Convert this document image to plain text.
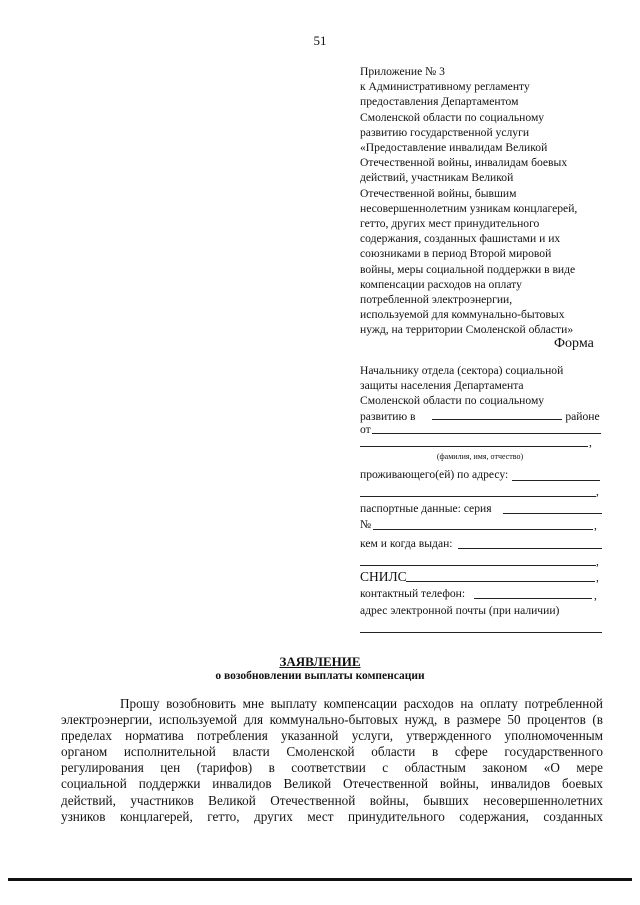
51
Приложение № 3
к Административному регламенту
предоставления Департаментом
Смоленской области по социальному
развитию государственной услуги
«Предоставление инвалидам Великой
Отечественной войны, инвалидам боевых
действий, участникам Великой
Отечественной войны, бывшим
несовершеннолетним узникам концлагерей,
гетто, других мест принудительного
содержания, созданных фашистами и их
союзниками в период Второй мировой
войны, меры социальной поддержки в виде
компенсации расходов на оплату
потребленной электроэнергии,
используемой для коммунально-бытовых
нужд, на территории Смоленской области»
Форма
Начальнику отдела (сектора) социальной
защиты населения Департамента
Смоленской области по социальному
развитию в	районе
от
,
(фамилия, имя, отчество)
проживающего(ей) по адресу:
,
паспортные данные: серия
№	,
кем и когда выдан:
,
СНИЛС	,
контактный телефон:	,
адрес электронной почты (при наличии)
ЗАЯВЛЕНИЕ
о возобновлении выплаты компенсации
Прошу возобновить мне выплату компенсации расходов на оплату потребленной
электроэнергии, используемой для коммунально-бытовых нужд, в размере 50 процентов (в
пределах норматива потребления указанной услуги, утвержденного уполномоченным
органом исполнительной власти Смоленской области в сфере государственного
регулирования цен (тарифов) в соответствии с областным законом «О мере
социальной поддержки инвалидов Великой Отечественной войны, инвалидов боевых
действий, участников Великой Отечественной войны, бывших несовершеннолетних
узников концлагерей, гетто, других мест принудительного содержания, созданных
